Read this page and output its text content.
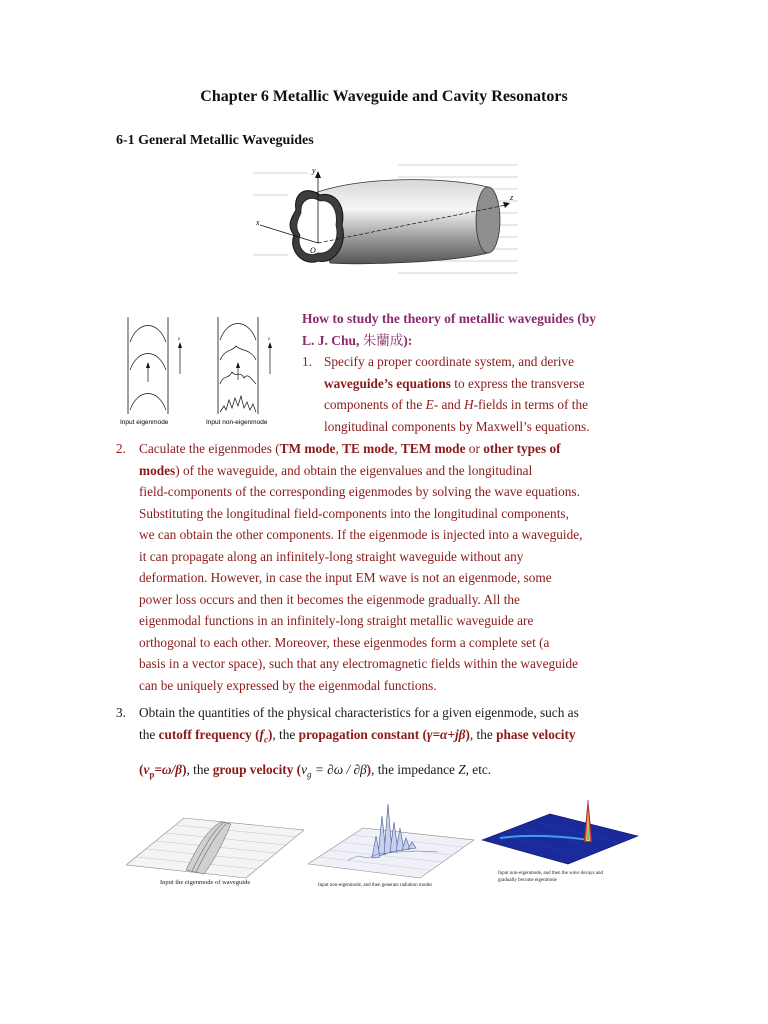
Chapter 6 Metallic Waveguide and Cavity Resonators
6-1 General Metallic Waveguides
y
x
z
O
z	z
Input eigenmode	Input non-eigenmode
How to study the theory of metallic waveguides (by
L. J. Chu, 朱蘭成):
1. Specify a proper coordinate system, and derive
waveguide’s equations to express the transverse
components of the E- and H-fields in terms of the
longitudinal components by Maxwell’s equations.
2. Caculate the eigenmodes (TM mode, TE mode, TEM mode or other types of
modes) of the waveguide, and obtain the eigenvalues and the longitudinal
field-components of the corresponding eigenmodes by solving the wave equations.
Substituting the longitudinal field-components into the longitudinal components,
we can obtain the other components. If the eigenmode is injected into a waveguide,
it can propagate along an infinitely-long straight waveguide without any
deformation. However, in case the input EM wave is not an eigenmode, some
power loss occurs and then it becomes the eigenmode gradually. All the
eigenmodal functions in an infinitely-long straight metallic waveguide are
orthogonal to each other. Moreover, these eigenmodes form a complete set (a
basis in a vector space), such that any electromagnetic fields within the waveguide
can be uniquely expressed by the eigenmodal functions.
3. Obtain the quantities of the physical characteristics for a given eigenmode, such as
the cutoff frequency $(f_c)$, the propagation constant (γ=α+jβ), the phase velocity
$(v_p=\omega/\beta)$, the group velocity $(\nu_g = \partial\omega / \partial\beta)$, the impedance Z, etc.
Input the eigenmode of waveguide	Input non-eigenmode, and then generate radiation modes
Input non-eigenmode, and then the wave decays and
gradually become eigenmode
